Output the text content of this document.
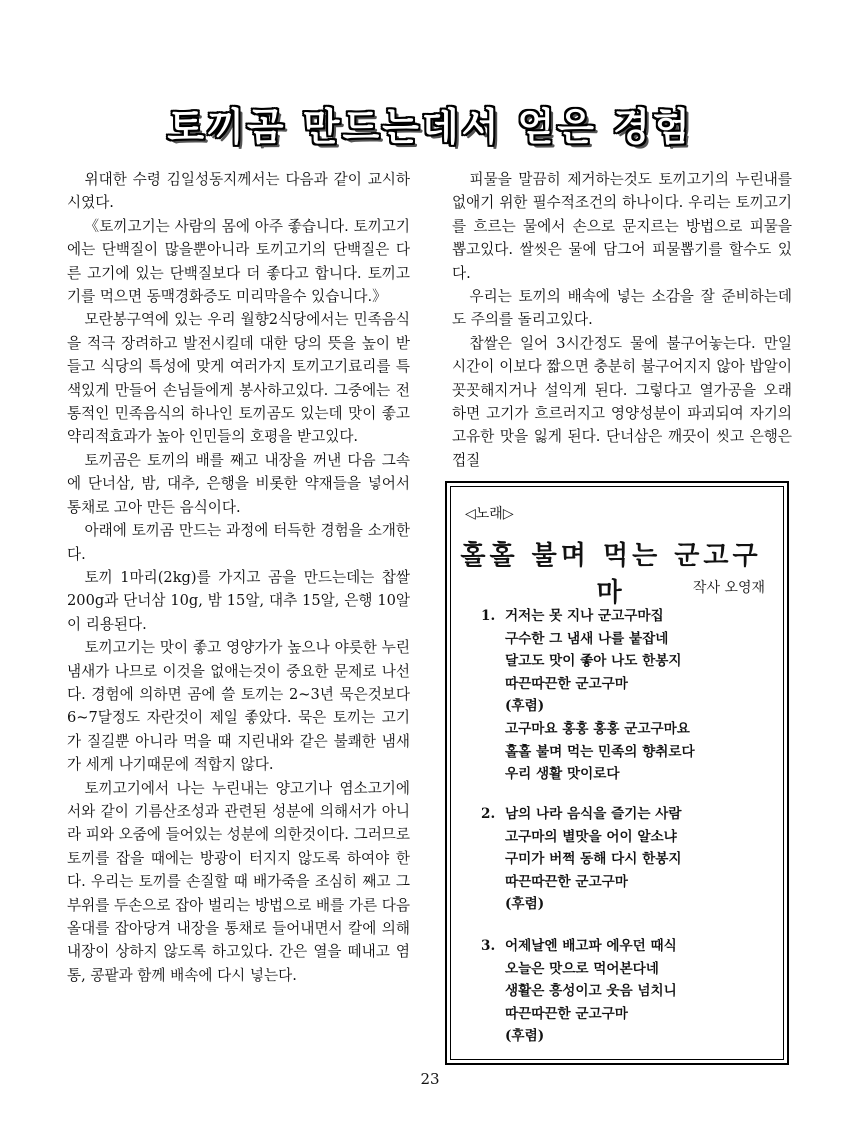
토끼곰 만드는데서 얻은 경험

위대한 수령 김일성동지께서는 다음과 같이 교시하시였다.

《토끼고기는 사람의 몸에 아주 좋습니다. 토끼고기에는 단백질이 많을뿐아니라 토끼고기의 단백질은 다른 고기에 있는 단백질보다 더 좋다고 합니다. 토끼고기를 먹으면 동맥경화증도 미리막을수 있습니다.》

모란봉구역에 있는 우리 월향2식당에서는 민족음식을 적극 장려하고 발전시킬데 대한 당의 뜻을 높이 받들고 식당의 특성에 맞게 여러가지 토끼고기료리를 특색있게 만들어 손님들에게 봉사하고있다. 그중에는 전통적인 민족음식의 하나인 토끼곰도 있는데 맛이 좋고 약리적효과가 높아 인민들의 호평을 받고있다.

토끼곰은 토끼의 배를 째고 내장을 꺼낸 다음 그속에 단너삼, 밤, 대추, 은행을 비롯한 약재들을 넣어서 통채로 고아 만든 음식이다.

아래에 토끼곰 만드는 과정에 터득한 경험을 소개한다.

토끼 1마리(2kg)를 가지고 곰을 만드는데는 찹쌀 200g과 단너삼 10g, 밤 15알, 대추 15알, 은행 10알이 리용된다.

토끼고기는 맛이 좋고 영양가가 높으나 야릇한 누린 냄새가 나므로 이것을 없애는것이 중요한 문제로 나선다. 경험에 의하면 곰에 쓸 토끼는 2~3년 묵은것보다 6~7달정도 자란것이 제일 좋았다. 묵은 토끼는 고기가 질길뿐 아니라 먹을 때 지린내와 같은 불쾌한 냄새가 세게 나기때문에 적합지 않다.

토끼고기에서 나는 누린내는 양고기나 염소고기에서와 같이 기름산조성과 관련된 성분에 의해서가 아니라 피와 오줌에 들어있는 성분에 의한것이다. 그러므로 토끼를 잡을 때에는 방광이 터지지 않도록 하여야 한다. 우리는 토끼를 손질할 때 배가죽을 조심히 째고 그 부위를 두손으로 잡아 벌리는 방법으로 배를 가른 다음 올대를 잡아당겨 내장을 통채로 들어내면서 칼에 의해 내장이 상하지 않도록 하고있다. 간은 열을 떼내고 염통, 콩팥과 함께 배속에 다시 넣는다.

피물을 말끔히 제거하는것도 토끼고기의 누린내를 없애기 위한 필수적조건의 하나이다. 우리는 토끼고기를 흐르는 물에서 손으로 문지르는 방법으로 피물을 뽑고있다. 쌀씻은 물에 담그어 피물뽑기를 할수도 있다.

우리는 토끼의 배속에 넣는 소감을 잘 준비하는데도 주의를 돌리고있다.

찹쌀은 일어 3시간정도 물에 불구어놓는다. 만일 시간이 이보다 짧으면 충분히 불구어지지 않아 밥알이 꼿꼿해지거나 설익게 된다. 그렇다고 열가공을 오래 하면 고기가 흐르러지고 영양성분이 파괴되여 자기의 고유한 맛을 잃게 된다. 단너삼은 깨끗이 씻고 은행은 껍질

◁노래▷
홀홀 불며 먹는 군고구마	작사 오영재
1. 거저는 못 지나 군고구마집
구수한 그 냄새 나를 붙잡네
달고도 맛이 좋아 나도 한봉지
따끈따끈한 군고구마
(후렴)
고구마요 홍홍 홍홍 군고구마요
홀홀 불며 먹는 민족의 향취로다
우리 생활 맛이로다
2. 남의 나라 음식을 즐기는 사람
고구마의 별맛을 어이 알소냐
구미가 버쩍 동해 다시 한봉지
따끈따끈한 군고구마
(후렴)
3. 어제날엔 배고파 에우던 때식
오늘은 맛으로 먹어본다네
생활은 흥성이고 웃음 넘치니
따끈따끈한 군고구마
(후렴)
23
